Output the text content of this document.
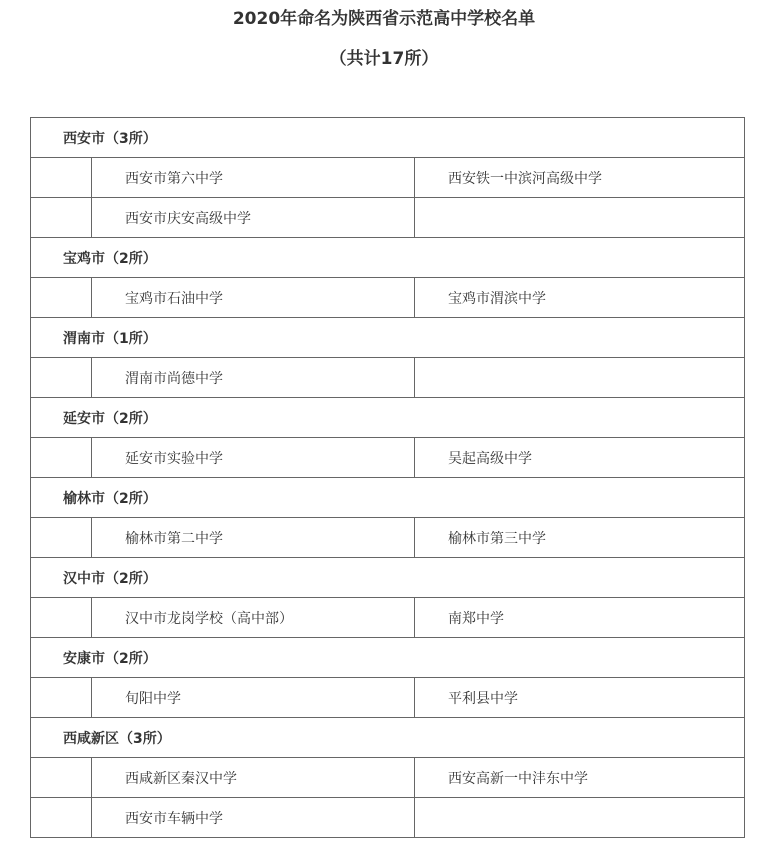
2020年命名为陕西省示范高中学校名单
（共计17所）
西安市（3所）		
	西安市第六中学	西安铁一中滨河高级中学
	西安市庆安高级中学	
宝鸡市（2所）		
	宝鸡市石油中学	宝鸡市渭滨中学
渭南市（1所）		
	渭南市尚德中学	
延安市（2所）		
	延安市实验中学	吴起高级中学
榆林市（2所）		
	榆林市第二中学	榆林市第三中学
汉中市（2所）		
	汉中市龙岗学校（高中部）	南郑中学
安康市（2所）		
	旬阳中学	平利县中学
西咸新区（3所）		
	西咸新区秦汉中学	西安高新一中沣东中学
	西安市车辆中学	
